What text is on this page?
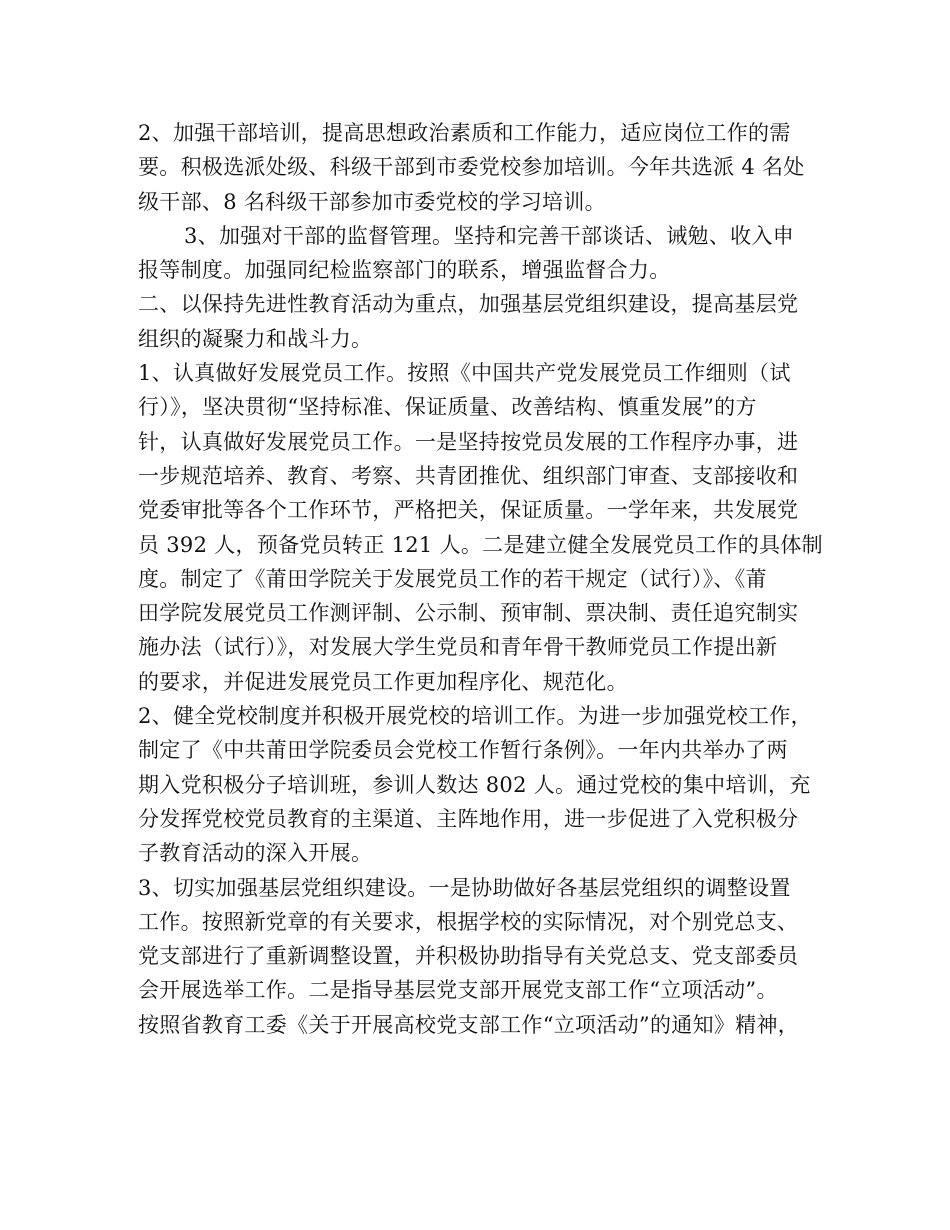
2、加强干部培训，提高思想政治素质和工作能力，适应岗位工作的需
要。积极选派处级、科级干部到市委党校参加培训。今年共选派 4 名处
级干部、8 名科级干部参加市委党校的学习培训。
3、加强对干部的监督管理。坚持和完善干部谈话、诫勉、收入申
报等制度。加强同纪检监察部门的联系，增强监督合力。
二、以保持先进性教育活动为重点，加强基层党组织建设，提高基层党
组织的凝聚力和战斗力。
1、认真做好发展党员工作。按照《中国共产党发展党员工作细则（试
行）》，坚决贯彻“坚持标准、保证质量、改善结构、慎重发展”的方
针，认真做好发展党员工作。一是坚持按党员发展的工作程序办事，进
一步规范培养、教育、考察、共青团推优、组织部门审查、支部接收和
党委审批等各个工作环节，严格把关，保证质量。一学年来，共发展党
员 392 人，预备党员转正 121 人。二是建立健全发展党员工作的具体制
度。制定了《莆田学院关于发展党员工作的若干规定（试行）》、《莆
田学院发展党员工作测评制、公示制、预审制、票决制、责任追究制实
施办法（试行）》，对发展大学生党员和青年骨干教师党员工作提出新
的要求，并促进发展党员工作更加程序化、规范化。
2、健全党校制度并积极开展党校的培训工作。为进一步加强党校工作，
制定了《中共莆田学院委员会党校工作暂行条例》。一年内共举办了两
期入党积极分子培训班，参训人数达 802 人。通过党校的集中培训，充
分发挥党校党员教育的主渠道、主阵地作用，进一步促进了入党积极分
子教育活动的深入开展。
3、切实加强基层党组织建设。一是协助做好各基层党组织的调整设置
工作。按照新党章的有关要求，根据学校的实际情况，对个别党总支、
党支部进行了重新调整设置，并积极协助指导有关党总支、党支部委员
会开展选举工作。二是指导基层党支部开展党支部工作“立项活动”。
按照省教育工委《关于开展高校党支部工作“立项活动”的通知》精神，
